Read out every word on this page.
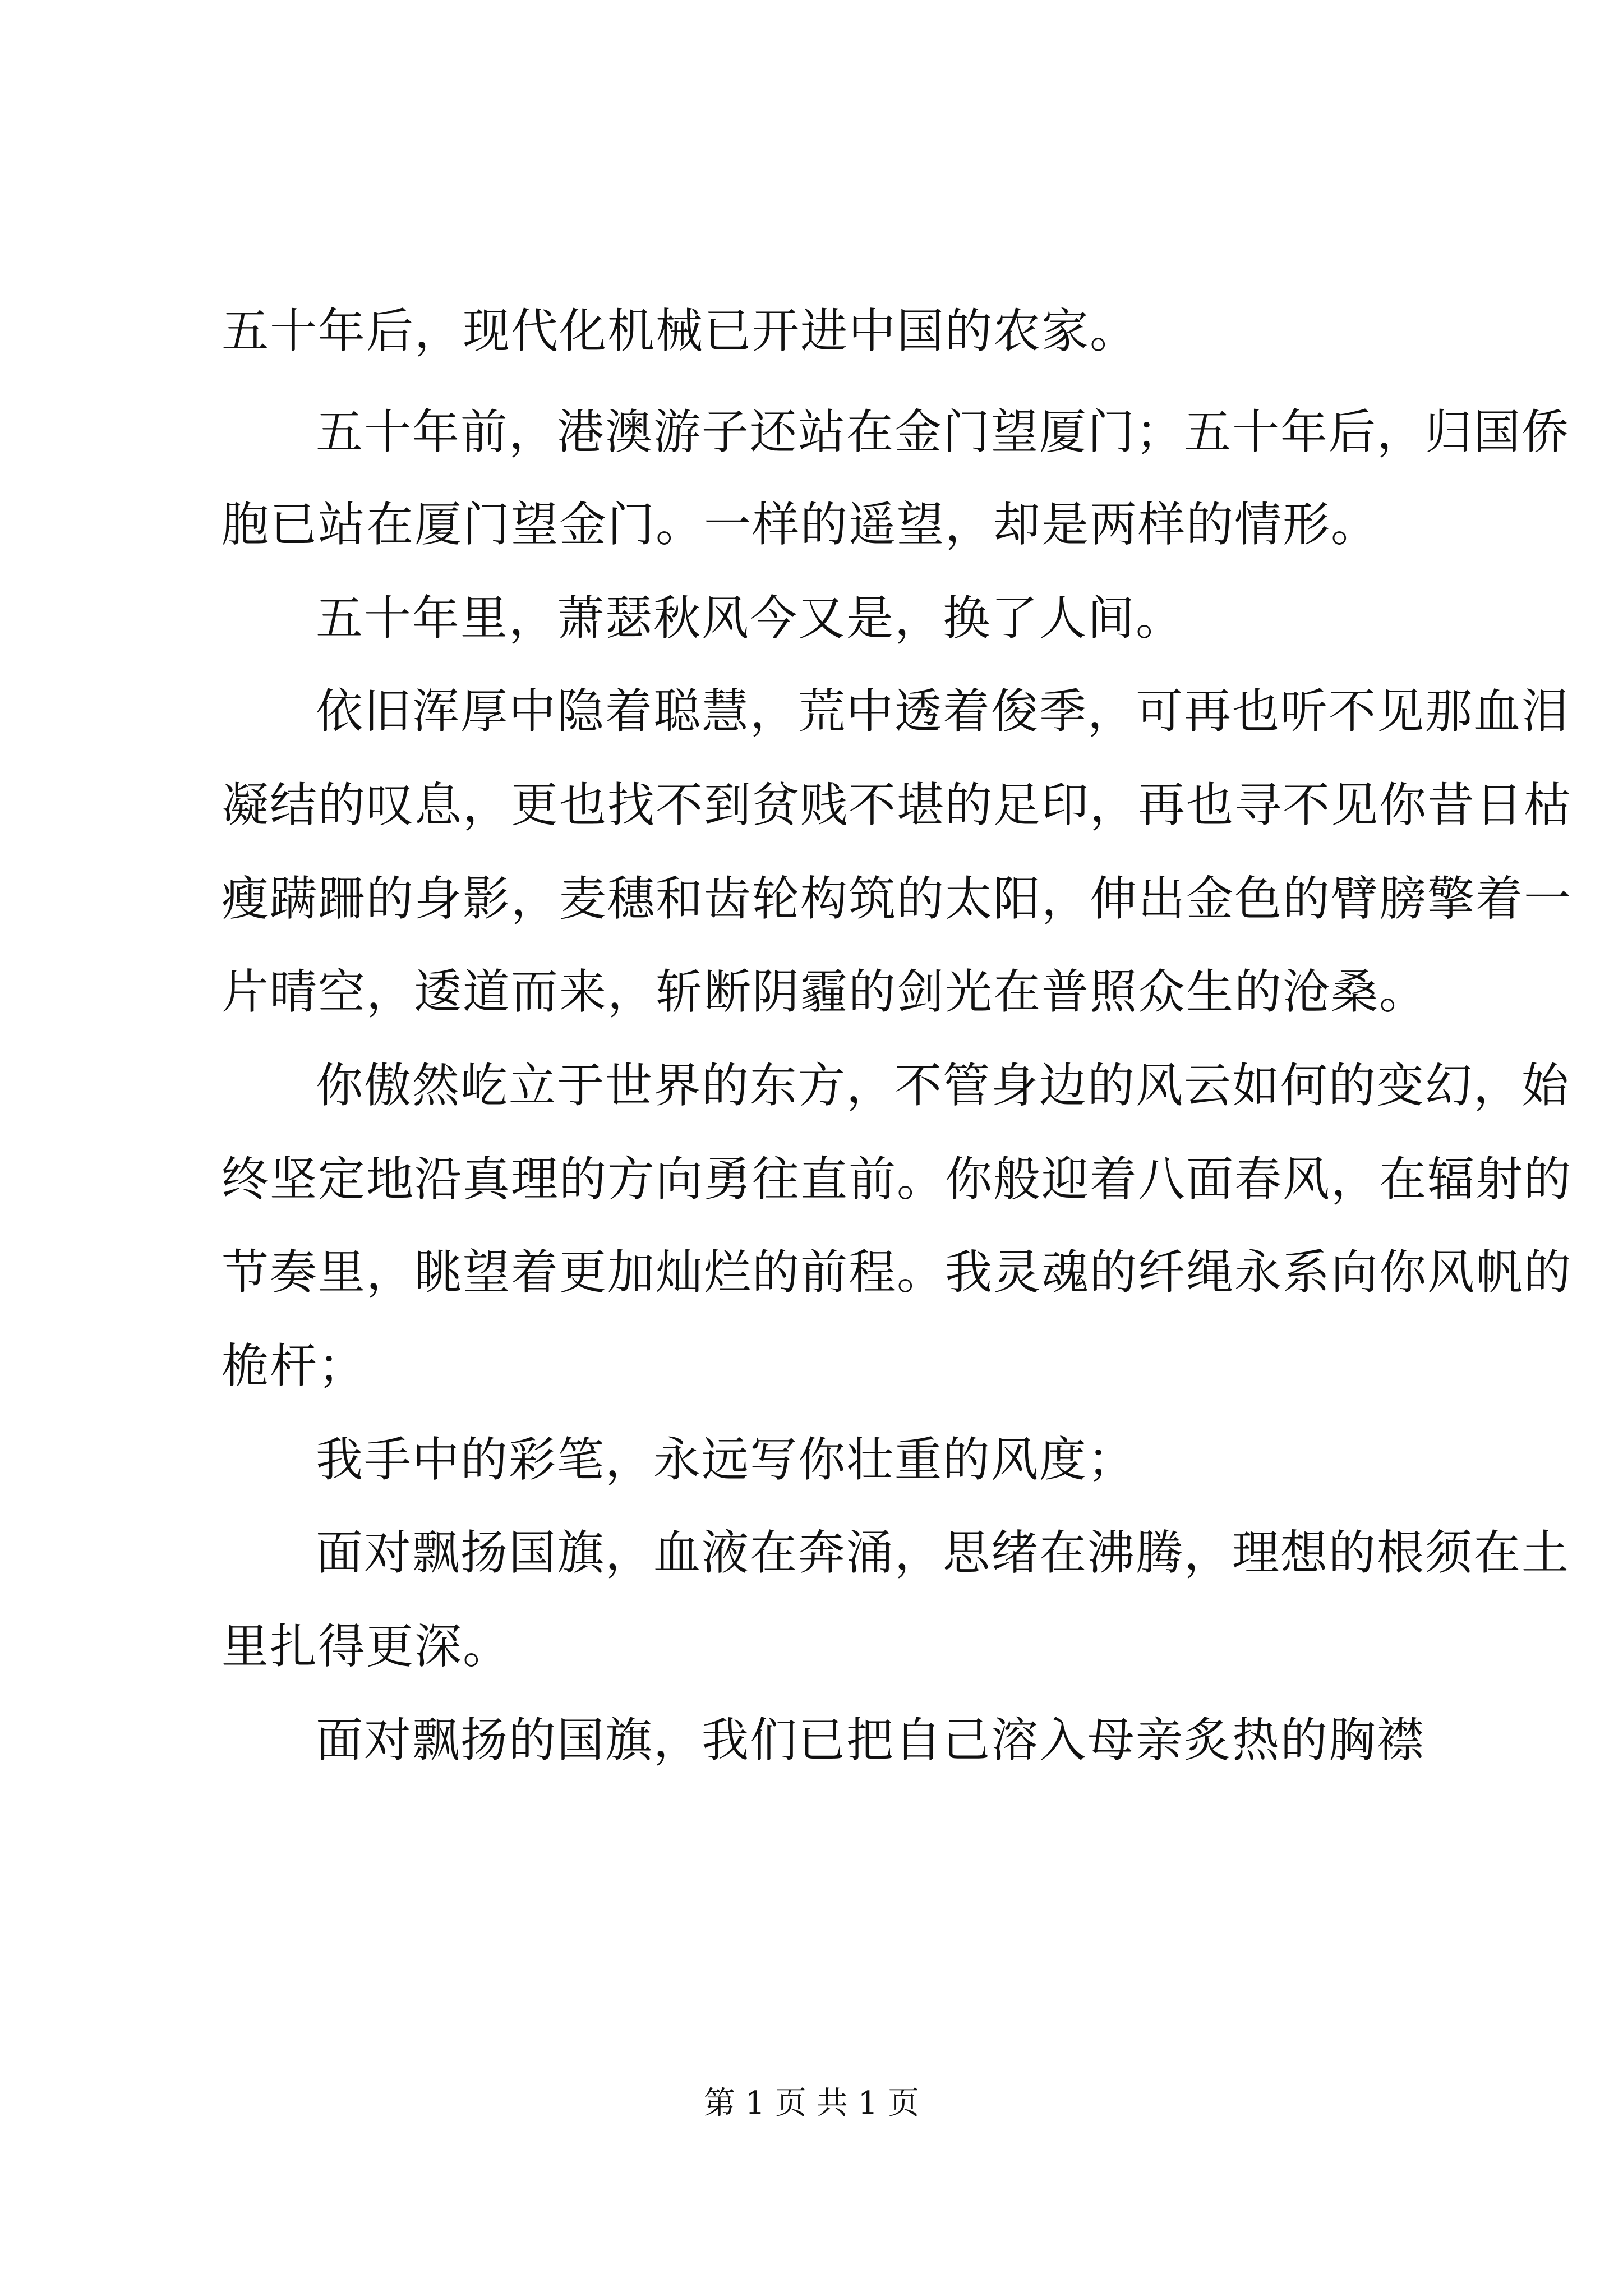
五十年后，现代化机械已开进中国的农家。
五十年前，港澳游子还站在金门望厦门；五十年后，归国侨
胞已站在厦门望金门。一样的遥望，却是两样的情形。
五十年里，萧瑟秋风今又是，换了人间。
依旧浑厚中隐着聪慧，荒中透着俊季，可再也听不见那血泪
凝结的叹息，更也找不到贫贱不堪的足印，再也寻不见你昔日枯
瘦蹒跚的身影，麦穗和齿轮构筑的太阳，伸出金色的臂膀擎着一
片晴空，逶道而来，斩断阴霾的剑光在普照众生的沧桑。
你傲然屹立于世界的东方，不管身边的风云如何的变幻，始
终坚定地沿真理的方向勇往直前。你般迎着八面春风，在辐射的
节奏里，眺望着更加灿烂的前程。我灵魂的纤绳永系向你风帆的
桅杆；
我手中的彩笔，永远写你壮重的风度；
面对飘扬国旗，血液在奔涌，思绪在沸腾，理想的根须在土
里扎得更深。
面对飘扬的国旗，我们已把自己溶入母亲炙热的胸襟
第 1 页 共 1 页
